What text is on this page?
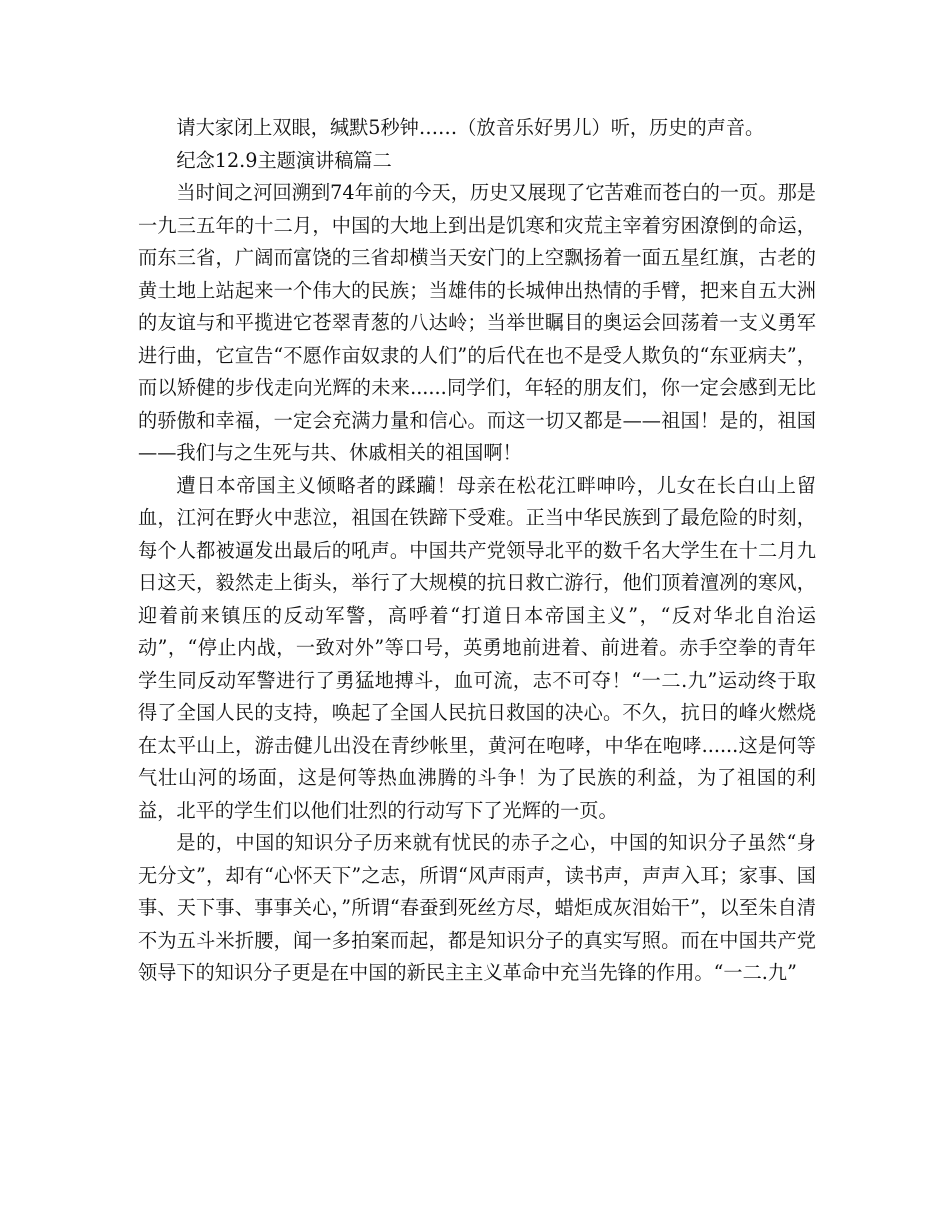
请大家闭上双眼，缄默5秒钟……（放音乐好男儿）听，历史的声音。

纪念12.9主题演讲稿篇二

当时间之河回溯到74年前的今天，历史又展现了它苦难而苍白的一页。那是一九三五年的十二月，中国的大地上到出是饥寒和灾荒主宰着穷困潦倒的命运，而东三省，广阔而富饶的三省却横当天安门的上空飘扬着一面五星红旗，古老的黄土地上站起来一个伟大的民族；当雄伟的长城伸出热情的手臂，把来自五大洲的友谊与和平揽进它苍翠青葱的八达岭；当举世瞩目的奥运会回荡着一支义勇军进行曲，它宣告“不愿作亩奴隶的人们”的后代在也不是受人欺负的“东亚病夫”，而以矫健的步伐走向光辉的未来......同学们，年轻的朋友们，你一定会感到无比的骄傲和幸福，一定会充满力量和信心。而这一切又都是——祖国！是的，祖国——我们与之生死与共、休戚相关的祖国啊！

遭日本帝国主义倾略者的蹂躏！母亲在松花江畔呻吟，儿女在长白山上留血，江河在野火中悲泣，祖国在铁蹄下受难。正当中华民族到了最危险的时刻，每个人都被逼发出最后的吼声。中国共产党领导北平的数千名大学生在十二月九日这天，毅然走上街头，举行了大规模的抗日救亡游行，他们顶着澶冽的寒风，迎着前来镇压的反动军警，高呼着“打道日本帝国主义”，“反对华北自治运动”，“停止内战，一致对外”等口号，英勇地前进着、前进着。赤手空拳的青年学生同反动军警进行了勇猛地搏斗，血可流，志不可夺！“一二.九”运动终于取得了全国人民的支持，唤起了全国人民抗日救国的决心。不久，抗日的峰火燃烧在太平山上，游击健儿出没在青纱帐里，黄河在咆哮，中华在咆哮......这是何等气壮山河的场面，这是何等热血沸腾的斗争！为了民族的利益，为了祖国的利益，北平的学生们以他们壮烈的行动写下了光辉的一页。

是的，中国的知识分子历来就有忧民的赤子之心，中国的知识分子虽然“身无分文”，却有“心怀天下”之志，所谓“风声雨声，读书声，声声入耳；家事、国事、天下事、事事关心，”所谓“春蚕到死丝方尽，蜡炬成灰泪始干”，以至朱自清不为五斗米折腰，闻一多拍案而起，都是知识分子的真实写照。而在中国共产党领导下的知识分子更是在中国的新民主主义革命中充当先锋的作用。“一二.九”
